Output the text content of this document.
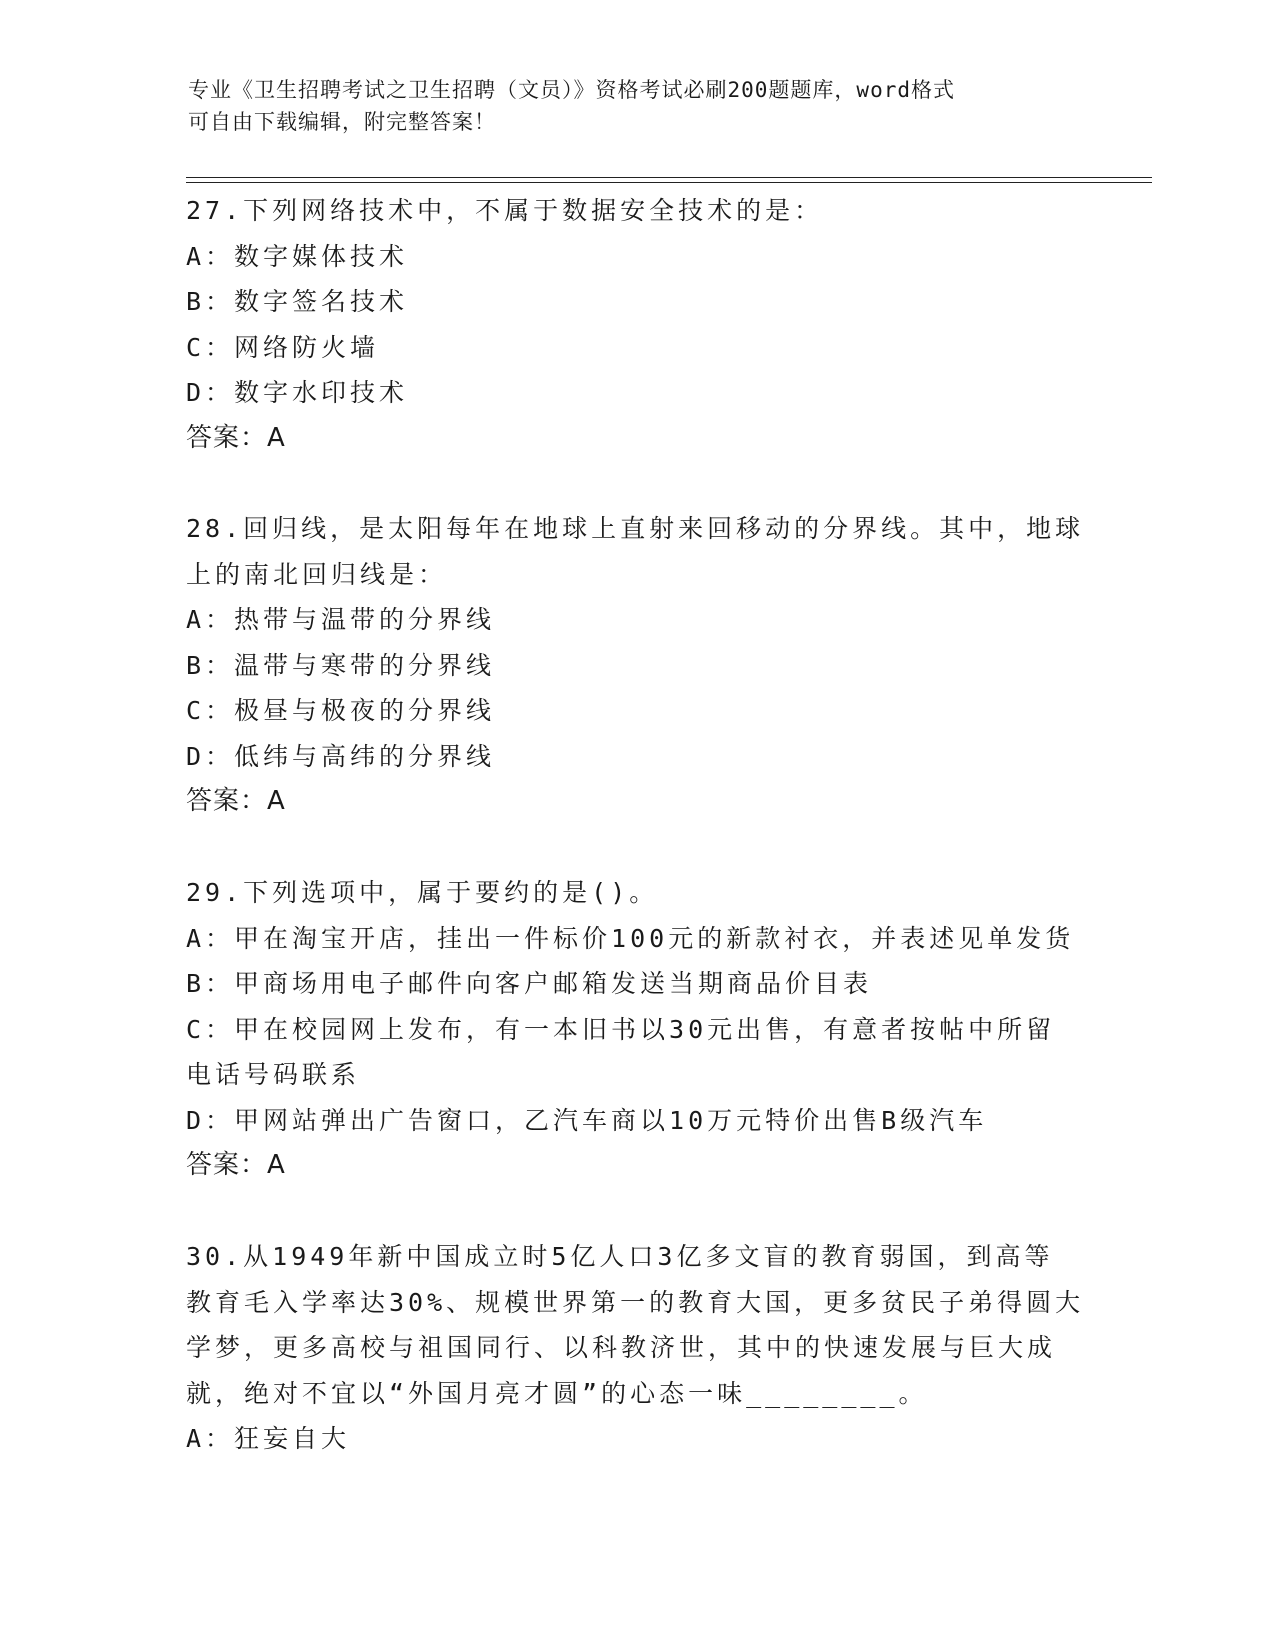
专业《卫生招聘考试之卫生招聘（文员）》资格考试必刷200题题库，word格式
可自由下载编辑，附完整答案！
27.下列网络技术中，不属于数据安全技术的是：
A：数字媒体技术
B：数字签名技术
C：网络防火墙
D：数字水印技术
答案：A
28.回归线，是太阳每年在地球上直射来回移动的分界线。其中，地球
上的南北回归线是：
A：热带与温带的分界线
B：温带与寒带的分界线
C：极昼与极夜的分界线
D：低纬与高纬的分界线
答案：A
29.下列选项中，属于要约的是()。
A：甲在淘宝开店，挂出一件标价100元的新款衬衣，并表述见单发货
B：甲商场用电子邮件向客户邮箱发送当期商品价目表
C：甲在校园网上发布，有一本旧书以30元出售，有意者按帖中所留
电话号码联系
D：甲网站弹出广告窗口，乙汽车商以10万元特价出售B级汽车
答案：A
30.从1949年新中国成立时5亿人口3亿多文盲的教育弱国，到高等
教育毛入学率达30%、规模世界第一的教育大国，更多贫民子弟得圆大
学梦，更多高校与祖国同行、以科教济世，其中的快速发展与巨大成
就，绝对不宜以“外国月亮才圆”的心态一味________。
A：狂妄自大
